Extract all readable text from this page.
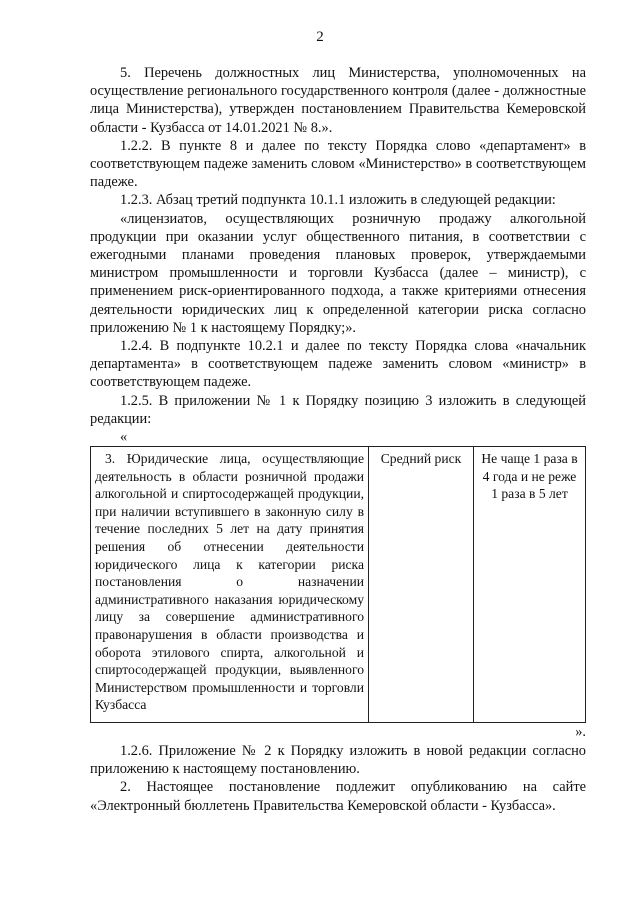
2

5. Перечень должностных лиц Министерства, уполномоченных на осуществление регионального государственного контроля (далее - должностные лица Министерства), утвержден постановлением Правительства Кемеровской области - Кузбасса от 14.01.2021 № 8.».

1.2.2. В пункте 8 и далее по тексту Порядка слово «департамент» в соответствующем падеже заменить словом «Министерство» в соответствующем падеже.

1.2.3. Абзац третий подпункта 10.1.1 изложить в следующей редакции:

«лицензиатов, осуществляющих розничную продажу алкогольной продукции при оказании услуг общественного питания, в соответствии с ежегодными планами проведения плановых проверок, утверждаемыми министром промышленности и торговли Кузбасса (далее – министр), с применением риск-ориентированного подхода, а также критериями отнесения деятельности юридических лиц к определенной категории риска согласно приложению № 1 к настоящему Порядку;».

1.2.4. В подпункте 10.2.1 и далее по тексту Порядка слова «начальник департамента» в соответствующем падеже заменить словом «министр» в соответствующем падеже.

1.2.5. В приложении № 1 к Порядку позицию 3 изложить в следующей редакции:

«
3. Юридические лица, осуществляющие деятельность в области розничной продажи алкогольной и спиртосодержащей продукции, при наличии вступившего в законную силу в течение последних 5 лет на дату принятия решения об отнесении деятельности юридического лица к категории риска постановления о назначении административного наказания юридическому лицу за совершение административного правонарушения в области производства и оборота этилового спирта, алкогольной и спиртосодержащей продукции, выявленного Министерством промышленности и торговли Кузбасса	Средний риск	Не чаще 1 раза в 4 года и не реже 1 раза в 5 лет
».

1.2.6. Приложение № 2 к Порядку изложить в новой редакции согласно приложению к настоящему постановлению.

2. Настоящее постановление подлежит опубликованию на сайте «Электронный бюллетень Правительства Кемеровской области - Кузбасса».
